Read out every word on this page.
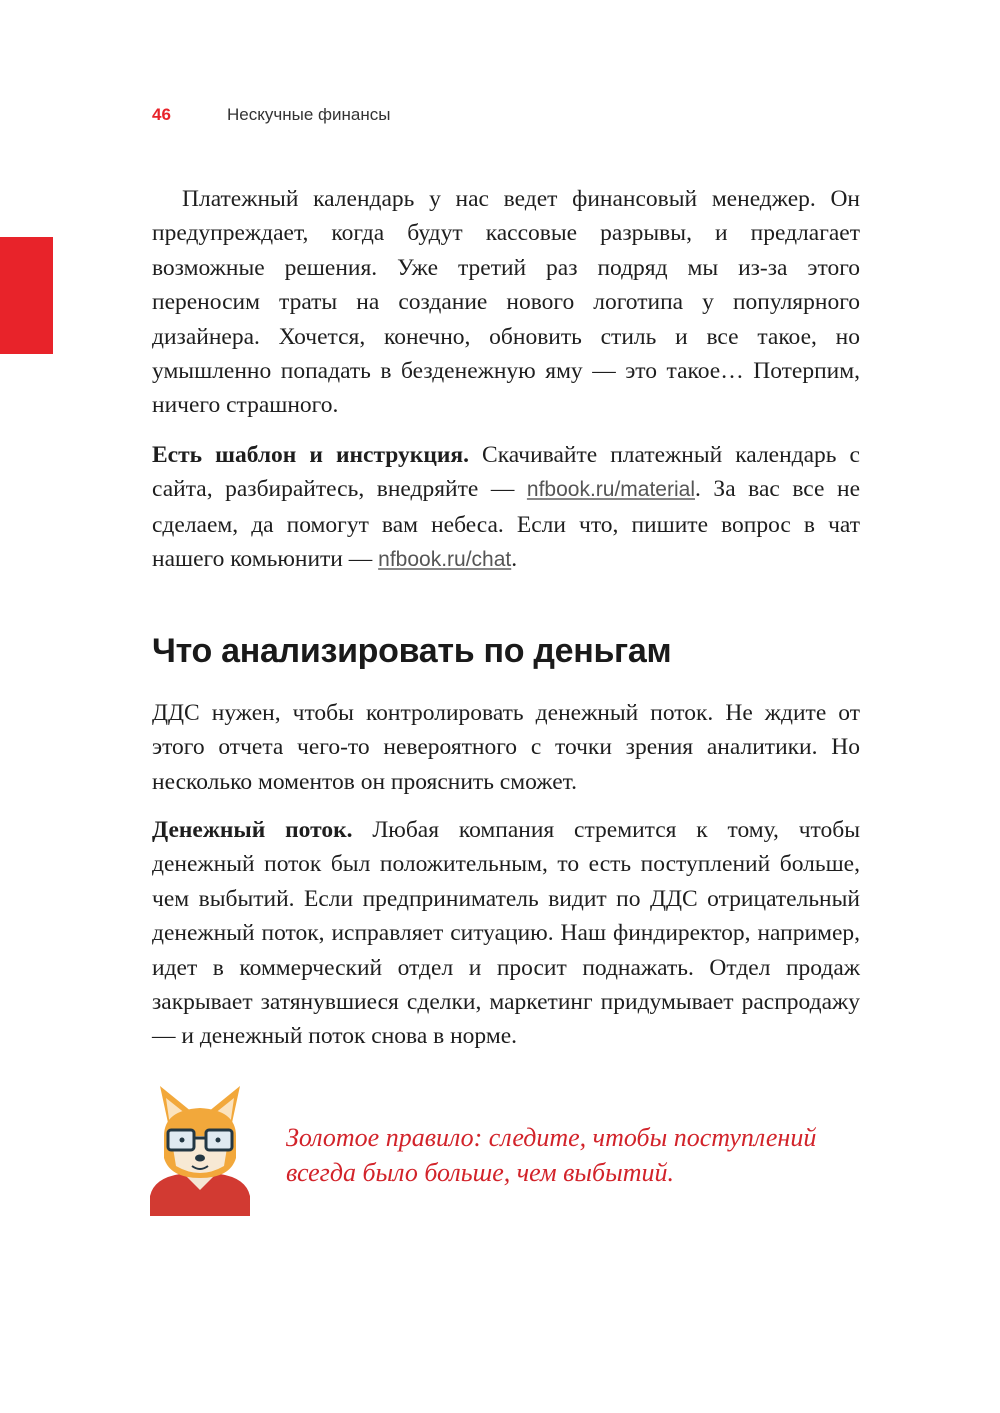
46	Нескучные финансы

Платежный календарь у нас ведет финансовый менеджер. Он предупреждает, когда будут кассовые разрывы, и предлагает возможные решения. Уже третий раз подряд мы из-за этого переносим траты на создание нового логотипа у популярного дизайнера. Хочется, конечно, обновить стиль и все такое, но умышленно попадать в безденежную яму — это такое… Потерпим, ничего страшного.

Есть шаблон и инструкция. Скачивайте платежный календарь с сайта, разбирайтесь, внедряйте — nfbook.ru/material. За вас все не сделаем, да помогут вам небеса. Если что, пишите вопрос в чат нашего комьюнити — nfbook.ru/chat.

Что анализировать по деньгам

ДДС нужен, чтобы контролировать денежный поток. Не ждите от этого отчета чего-то невероятного с точки зрения аналитики. Но несколько моментов он прояснить сможет.

Денежный поток. Любая компания стремится к тому, чтобы денежный поток был положительным, то есть поступлений больше, чем выбытий. Если предприниматель видит по ДДС отрицательный денежный поток, исправляет ситуацию. Наш финдиректор, например, идет в коммерческий отдел и просит поднажать. Отдел продаж закрывает затянувшиеся сделки, маркетинг придумывает распродажу — и денежный поток снова в норме.

Золотое правило: следите, чтобы поступлений всегда было больше, чем выбытий.
